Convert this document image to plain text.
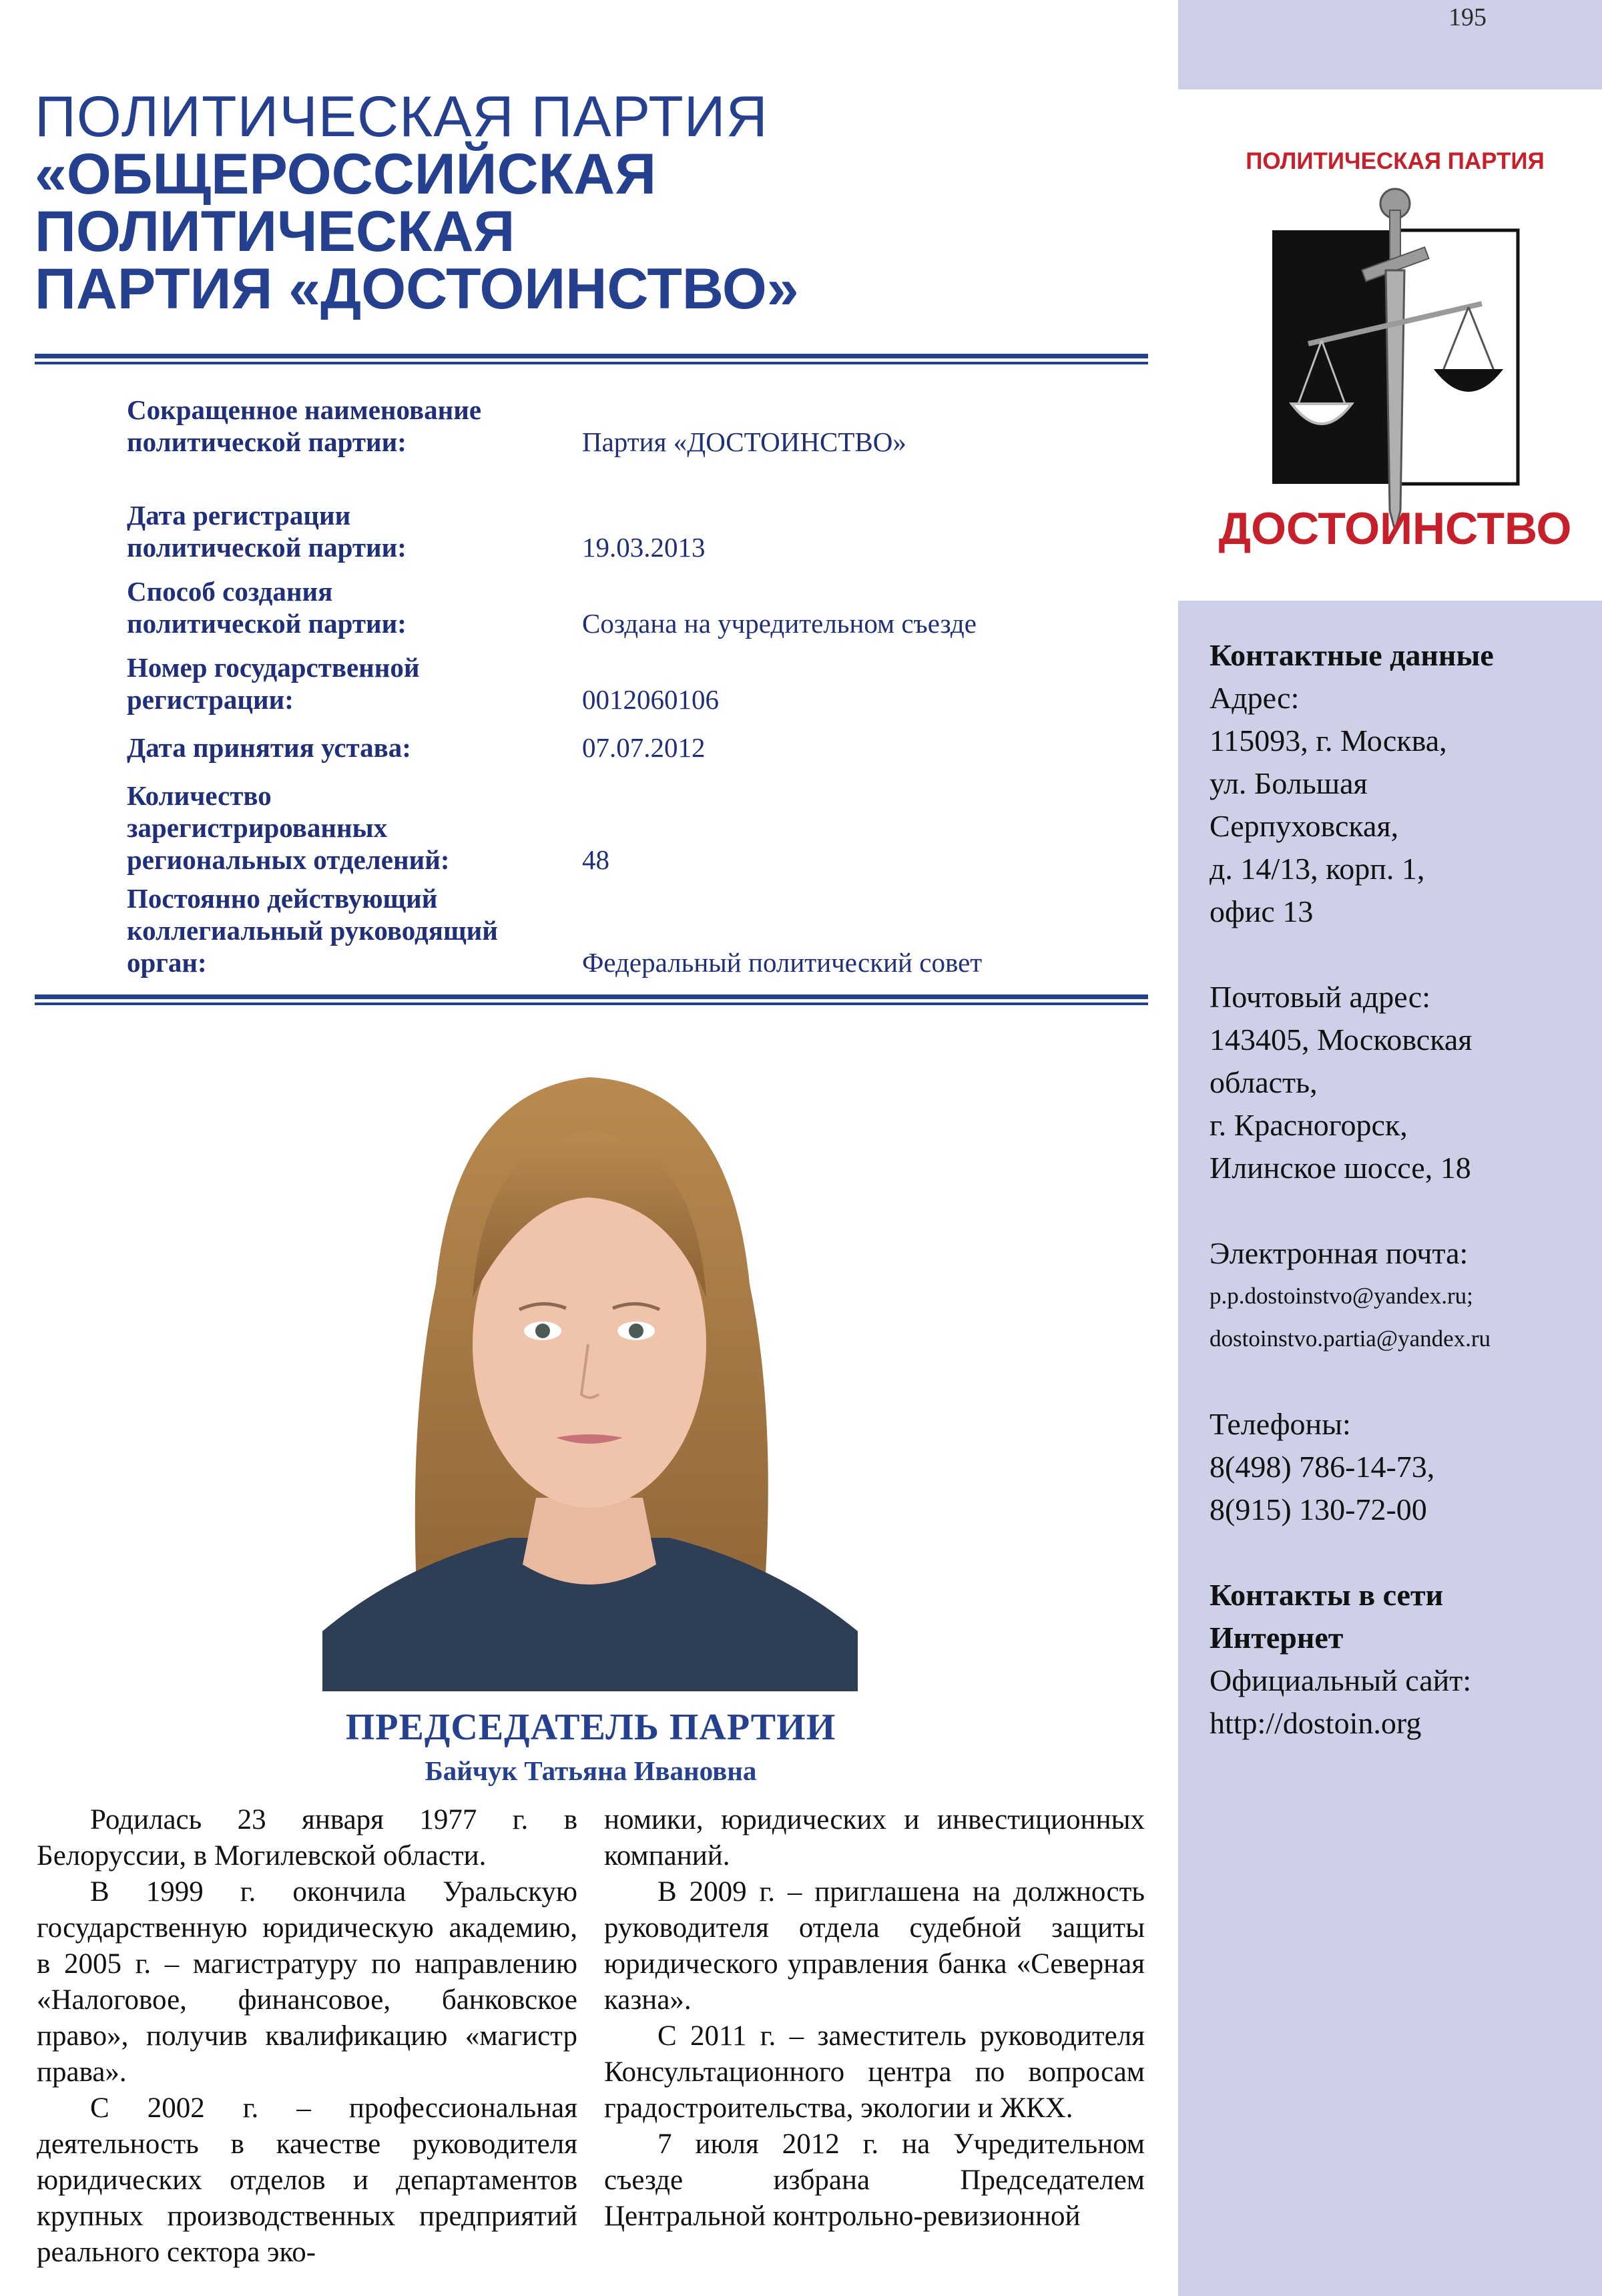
195
ПОЛИТИЧЕСКАЯ ПАРТИЯ
«ОБЩЕРОССИЙСКАЯ
ПОЛИТИЧЕСКАЯ
ПАРТИЯ «ДОСТОИНСТВО»
Сокращенное наименование
политической партии:	Партия «ДОСТОИНСТВО»
Дата регистрации
политической партии:	19.03.2013
Способ создания
политической партии:	Создана на учредительном съезде
Номер государственной
регистрации:	0012060106
Дата принятия устава:	07.07.2012
Количество
зарегистрированных
региональных отделений:	48
Постоянно действующий
коллегиальный руководящий
орган:	Федеральный политический совет
ПОЛИТИЧЕСКАЯ ПАРТИЯ
ДОСТОИНСТВО
Контактные данные
Адрес:
115093, г. Москва,
ул. Большая
Серпуховская,
д. 14/13, корп. 1,
офис 13
Почтовый адрес:
143405, Московская
область,
г. Красногорск,
Илинское шоссе, 18
Электронная почта:
p.p.dostoinstvo@yandex.ru;
dostoinstvo.partia@yandex.ru
Телефоны:
8(498) 786-14-73,
8(915) 130-72-00
Контакты в сети
Интернет
Официальный сайт:
http://dostoin.org
ПРЕДСЕДАТЕЛЬ ПАРТИИ
Байчук Татьяна Ивановна

Родилась 23 января 1977 г. в Белоруссии, в Могилевской области.

В 1999 г. окончила Уральскую государственную юридическую академию, в 2005 г. – магистратуру по направлению «Налоговое, финансовое, банковское право», получив квалификацию «магистр права».

С 2002 г. – профессиональная деятельность в качестве руководителя юридических отделов и департаментов крупных производственных предприятий реального сектора эко-

номики, юридических и инвестиционных компаний.

В 2009 г. – приглашена на должность руководителя отдела судебной защиты юридического управления банка «Северная казна».

С 2011 г. – заместитель руководителя Консультационного центра по вопросам градостроительства, экологии и ЖКХ.

7 июля 2012 г. на Учредительном съезде избрана Председателем Центральной контрольно-ревизионной
